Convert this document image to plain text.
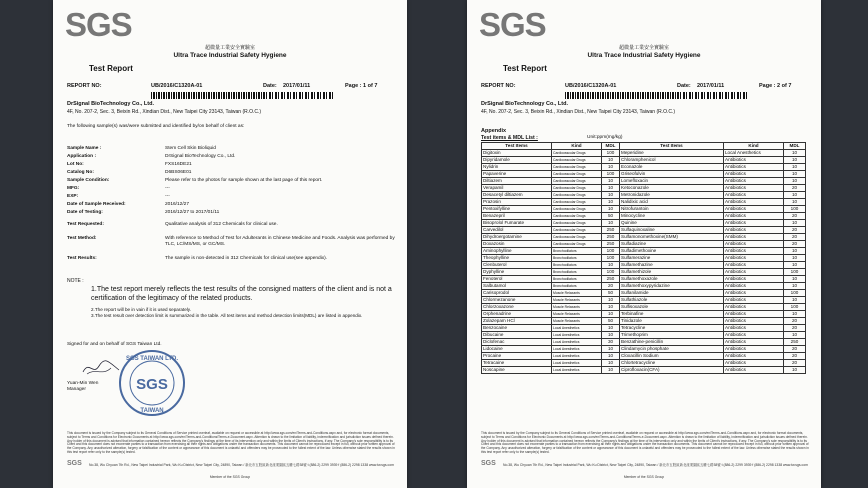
SGS
超微量工業安全實驗室
Ultra Trace Industrial Safety Hygiene
Test Report
REPORT NO:	UB/2016/C1320A-01	Date: 2017/01/11	Page : 1 of 7
DrSignal BioTechnology Co., Ltd.
4F, No. 207-2, Sec. 3, Beixin Rd., Xindian Dist., New Taipei City 23143, Taiwan (R.O.C.)
The following sample(s) was/were submitted and identified by/on behalf of client as:
Sample Name :	Stem Cell Skin Bioliquid
Application :	DrSignal BioTechnology Co., Ltd.
Lot No:	FXS16DE21
Catalog No:	D6BS06E01
Sample Condition:	Please refer to the photos for sample shown at the last page of this report.
MFG:	---
EXP:	---
Date of Sample Received:	2016/12/27
Date of Testing:	2016/12/27 to 2017/01/11
Test Requested:	Qualitative analysis of 312 Chemicals for clinical use.
Test Method:	With reference to Method of Test for Adulterants in Chinese Medicine and Foods. Analysis was performed by TLC, LC/MS/MS, or GC/MS.
Test Results:	The sample is non-detected in 312 Chemicals for clinical use(see appendix).
NOTE :
1.The test report merely reflects the test results of the consigned matters of the client and is not a certification of the legitimacy of the related products.
2.The report will be in vain if it is used separately.
3.The test result over detection limit is summarized in the table. All test items and method detection limits(MDL) are listed in appendix.
Signed for and on behalf of SGS Taiwan Ltd.
Yuan-Min Wen
Manager
SGS TAIWAN LTD.
SGS
TAIWAN
This document is issued by the Company subject to its General Conditions of Service printed overleaf, available on request or accessible at http://www.sgs.com/en/Terms-and-Conditions.aspx and, for electronic format documents, subject to Terms and Conditions for Electronic Documents at http://www.sgs.com/en/Terms-and-Conditions/Terms-e-Document.aspx. Attention is drawn to the limitation of liability, indemnification and jurisdiction issues defined therein. Any holder of this document is advised that information contained hereon reflects the Company's findings at the time of its intervention only and within the limits of Client's instructions, if any. The Company's sole responsibility is to its Client and this document does not exonerate parties to a transaction from exercising all their rights and obligations under the transaction documents. This document cannot be reproduced except in full, without prior written approval of the Company. Any unauthorized alteration, forgery or falsification of the content or appearance of this document is unlawful and offenders may be prosecuted to the fullest extent of the law. Unless otherwise stated the results shown in this test report refer only to the sample(s) tested.
SGS No.38, Wu Chyuan 7th Rd., New Taipei Industrial Park, Wu Ku District, New Taipei City, 24890, Taiwan / 新北市五股區新北產業園區五權七路38號 t (886-2) 2299 3939 f (886-2) 2298 1338 www.tw.sgs.com
Member of the SGS Group
SGS
超微量工業安全實驗室
Ultra Trace Industrial Safety Hygiene
Test Report
REPORT NO:	UB/2016/C1320A-01	Date: 2017/01/11	Page : 2 of 7
DrSignal BioTechnology Co., Ltd.
4F, No. 207-2, Sec. 3, Beixin Rd., Xindian Dist., New Taipei City 23143, Taiwan (R.O.C.)
Appendix
Test items & MDL List :	Unit:ppm(mg/kg)
Test Items	Kind	MDL	Test Items	Kind	MDL
Digitoxin	Cardiovascular Drugs	100	Meperidine	Local Anesthetics	10
Dipyridamole	Cardiovascular Drugs	10	Chloramphenicol	Antibiotics	10
Nylidrin	Cardiovascular Drugs	10	Econazole	Antibiotics	10
Papaverine	Cardiovascular Drugs	100	Griseofulvin	Antibiotics	10
Diltiazem	Cardiovascular Drugs	10	Lomefloxacin	Antibiotics	10
Verapamil	Cardiovascular Drugs	10	Ketoconazole	Antibiotics	20
Desacetyl diltiazem	Cardiovascular Drugs	10	Metronidazole	Antibiotics	10
Prazosin	Cardiovascular Drugs	10	Nalidixic acid	Antibiotics	10
Pentoxifylline	Cardiovascular Drugs	10	Nitrofurantoin	Antibiotics	100
Benazepril	Cardiovascular Drugs	50	Minocycline	Antibiotics	20
Bisoprolol Fumarate	Cardiovascular Drugs	10	Quinine	Antibiotics	10
Carvedilol	Cardiovascular Drugs	250	Sulfaquinoxaline	Antibiotics	20
Dihydroergotamine	Cardiovascular Drugs	250	Sulfamonomethoxine(SMM)	Antibiotics	20
Doxazosin	Cardiovascular Drugs	250	Sulfadiazine	Antibiotics	20
Aminophylline	Bronchodilators	100	Sulfadimethoxine	Antibiotics	10
Theophylline	Bronchodilators	100	Sulfamerazine	Antibiotics	10
Clenbuterol	Bronchodilators	10	Sulfamethazine	Antibiotics	10
Dyphylline	Bronchodilators	100	Sulfamethizole	Antibiotics	100
Fenoterol	Bronchodilators	250	Sulfamethoxazole	Antibiotics	10
Salbutamol	Bronchodilators	20	Sulfamethoxypyridazine	Antibiotics	10
Carisoprodol	Muscle Relaxants	50	Sulfanilamide	Antibiotics	100
Chlormezanone	Muscle Relaxants	10	Sulfathiazole	Antibiotics	10
Chlorzoxazone	Muscle Relaxants	10	Sulfisoxazole	Antibiotics	100
Orphenadrine	Muscle Relaxants	10	Terbinafine	Antibiotics	10
Zolazepam HCl	Muscle Relaxants	50	Tinidazole	Antibiotics	20
Benzocaine	Local Anesthetics	10	Tetracycline	Antibiotics	20
Dibucaine	Local Anesthetics	10	Trimethoprim	Antibiotics	10
Diclofenac	Local Anesthetics	30	Benzathine-penicillin	Antibiotics	250
Lidocaine	Local Anesthetics	10	Clindamycin phosphate	Antibiotics	20
Procaine	Local Anesthetics	10	Cloxacillin Sodium	Antibiotics	20
Tetracaine	Local Anesthetics	10	Chlortetracycline	Antibiotics	20
Noscapine	Local Anesthetics	10	Ciprofloxacin(CFA)	Antibiotics	10
This document is issued by the Company subject to its General Conditions of Service printed overleaf, available on request or accessible at http://www.sgs.com/en/Terms-and-Conditions.aspx and, for electronic format documents, subject to Terms and Conditions for Electronic Documents at http://www.sgs.com/en/Terms-and-Conditions/Terms-e-Document.aspx. Attention is drawn to the limitation of liability, indemnification and jurisdiction issues defined therein. Any holder of this document is advised that information contained hereon reflects the Company's findings at the time of its intervention only and within the limits of Client's instructions, if any. The Company's sole responsibility is to its Client and this document does not exonerate parties to a transaction from exercising all their rights and obligations under the transaction documents. This document cannot be reproduced except in full, without prior written approval of the Company. Any unauthorized alteration, forgery or falsification of the content or appearance of this document is unlawful and offenders may be prosecuted to the fullest extent of the law. Unless otherwise stated the results shown in this test report refer only to the sample(s) tested.
SGS No.38, Wu Chyuan 7th Rd., New Taipei Industrial Park, Wu Ku District, New Taipei City, 24890, Taiwan / 新北市五股區新北產業園區五權七路38號 t (886-2) 2299 3939 f (886-2) 2298 1338 www.tw.sgs.com
Member of the SGS Group
